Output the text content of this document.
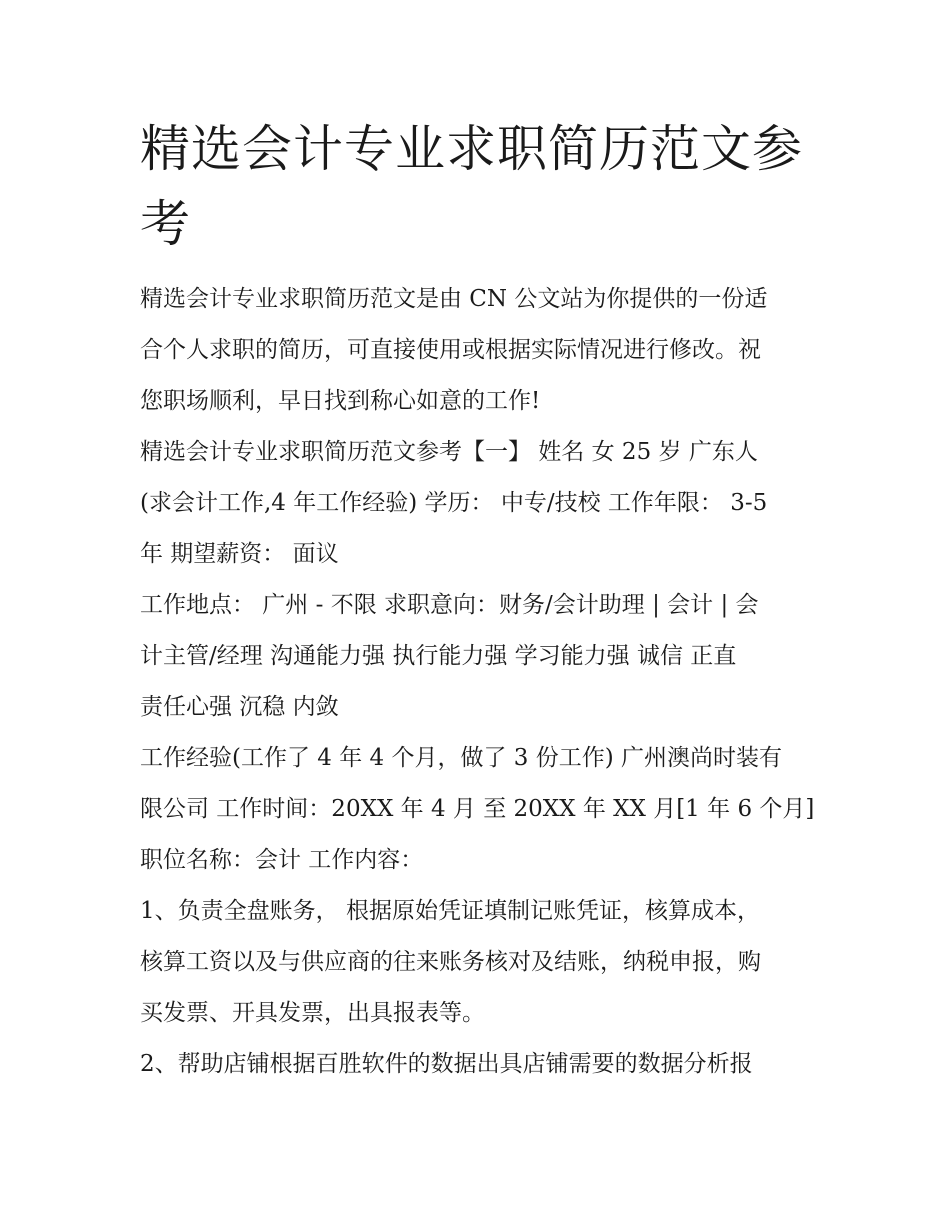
精选会计专业求职简历范文参
考
精选会计专业求职简历范文是由 CN 公文站为你提供的一份适
合个人求职的简历，可直接使用或根据实际情况进行修改。祝
您职场顺利，早日找到称心如意的工作!
精选会计专业求职简历范文参考【一】 姓名 女 25 岁 广东人
(求会计工作,4 年工作经验) 学历： 中专/技校 工作年限： 3-5
年 期望薪资： 面议
工作地点： 广州 - 不限 求职意向：财务/会计助理 | 会计 | 会
计主管/经理 沟通能力强 执行能力强 学习能力强 诚信 正直
责任心强 沉稳 内敛
工作经验(工作了 4 年 4 个月，做了 3 份工作) 广州澳尚时装有
限公司 工作时间：20XX 年 4 月 至 20XX 年 XX 月[1 年 6 个月]
职位名称：会计 工作内容：
1、负责全盘账务， 根据原始凭证填制记账凭证，核算成本，
核算工资以及与供应商的往来账务核对及结账，纳税申报，购
买发票、开具发票，出具报表等。
2、帮助店铺根据百胜软件的数据出具店铺需要的数据分析报
